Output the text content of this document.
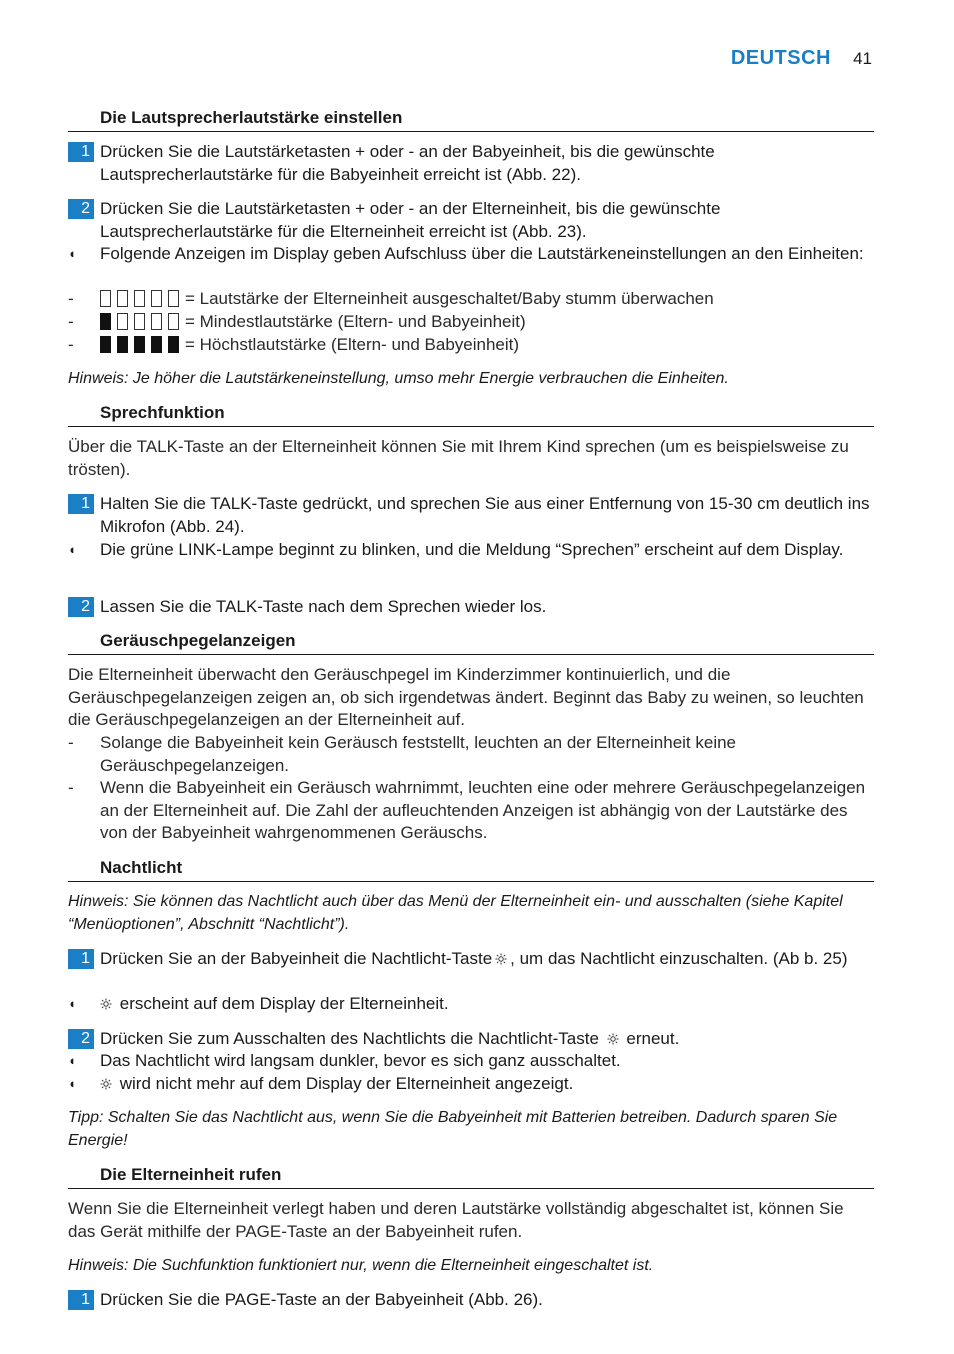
DEUTSCH 41
Die Lautsprecherlautstärke einstellen
1 Drücken Sie die Lautstärketasten + oder - an der Babyeinheit, bis die gewünschte Lautsprecherlautstärke für die Babyeinheit erreicht ist (Abb. 22).
2 Drücken Sie die Lautstärketasten + oder - an der Elterneinheit, bis die gewünschte Lautsprecherlautstärke für die Elterneinheit erreicht ist (Abb. 23).
◖	Folgende Anzeigen im Display geben Aufschluss über die Lautstärkeneinstellungen an den Einheiten:
-	= Lautstärke der Elterneinheit ausgeschaltet/Baby stumm überwachen
-	= Mindestlautstärke (Eltern- und Babyeinheit)
-	= Höchstlautstärke (Eltern- und Babyeinheit)
Hinweis: Je höher die Lautstärkeneinstellung, umso mehr Energie verbrauchen die Einheiten.
Sprechfunktion
Über die TALK-Taste an der Elterneinheit können Sie mit Ihrem Kind sprechen (um es beispielsweise zu trösten).
1 Halten Sie die TALK-Taste gedrückt, und sprechen Sie aus einer Entfernung von 15-30 cm deutlich ins Mikrofon (Abb. 24).
◖	Die grüne LINK-Lampe beginnt zu blinken, und die Meldung “Sprechen” erscheint auf dem Display.
2 Lassen Sie die TALK-Taste nach dem Sprechen wieder los.
Geräuschpegelanzeigen
Die Elterneinheit überwacht den Geräuschpegel im Kinderzimmer kontinuierlich, und die Geräuschpegelanzeigen zeigen an, ob sich irgendetwas ändert. Beginnt das Baby zu weinen, so leuchten die Geräuschpegelanzeigen an der Elterneinheit auf.
-	Solange die Babyeinheit kein Geräusch feststellt, leuchten an der Elterneinheit keine Geräuschpegelanzeigen.
-	Wenn die Babyeinheit ein Geräusch wahrnimmt, leuchten eine oder mehrere Geräuschpegelanzeigen an der Elterneinheit auf. Die Zahl der aufleuchtenden Anzeigen ist abhängig von der Lautstärke des von der Babyeinheit wahrgenommenen Geräuschs.
Nachtlicht
Hinweis: Sie können das Nachtlicht auch über das Menü der Elterneinheit ein- und ausschalten (siehe Kapitel “Menüoptionen”, Abschnitt “Nachtlicht”).
1 Drücken Sie an der Babyeinheit die Nachtlicht-Taste , um das Nachtlicht einzuschalten. (Ab b. 25)
◖	erscheint auf dem Display der Elterneinheit.
2 Drücken Sie zum Ausschalten des Nachtlichts die Nachtlicht-Taste erneut.
◖	Das Nachtlicht wird langsam dunkler, bevor es sich ganz ausschaltet.
◖	wird nicht mehr auf dem Display der Elterneinheit angezeigt.
Tipp: Schalten Sie das Nachtlicht aus, wenn Sie die Babyeinheit mit Batterien betreiben. Dadurch sparen Sie Energie!
Die Elterneinheit rufen
Wenn Sie die Elterneinheit verlegt haben und deren Lautstärke vollständig abgeschaltet ist, können Sie das Gerät mithilfe der PAGE-Taste an der Babyeinheit rufen.
Hinweis: Die Suchfunktion funktioniert nur, wenn die Elterneinheit eingeschaltet ist.
1 Drücken Sie die PAGE-Taste an der Babyeinheit (Abb. 26).
